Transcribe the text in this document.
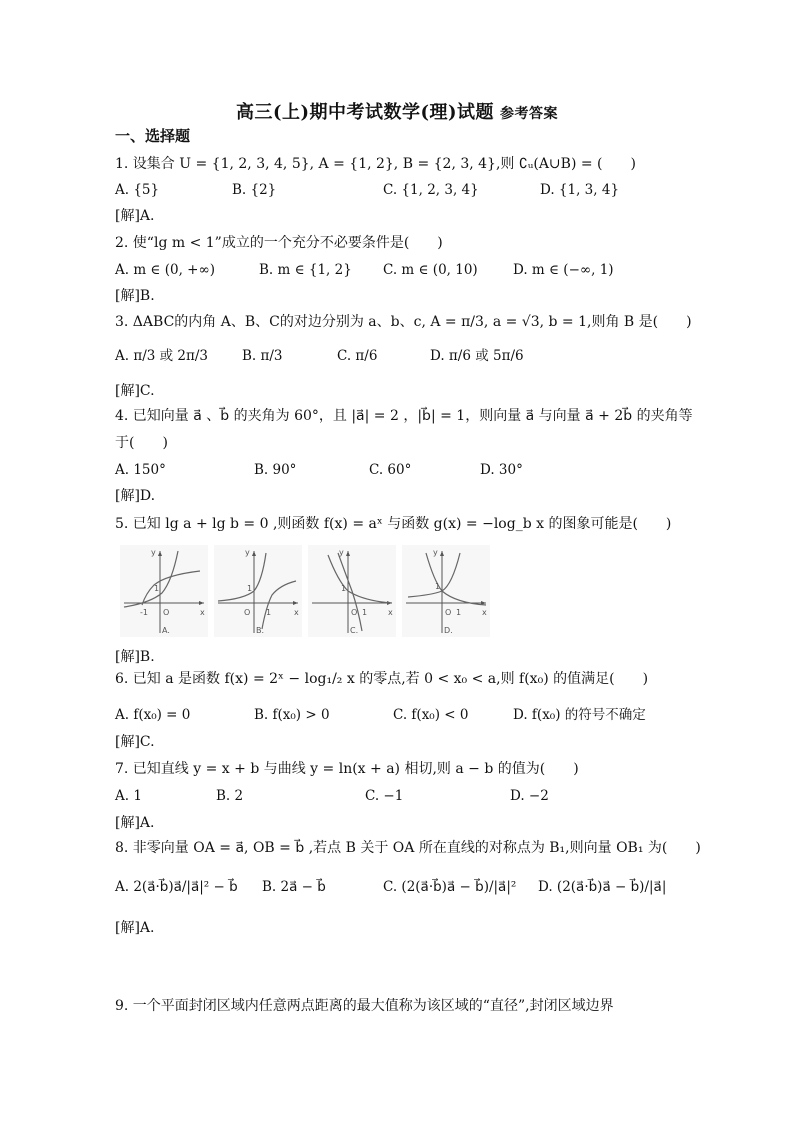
高三(上)期中考试数学(理)试题 参考答案
一、选择题
1. 设集合 U = {1, 2, 3, 4, 5}, A = {1, 2}, B = {2, 3, 4},则 ∁ᵤ(A∪B) = (　　)
A. {5}	B. {2}	C. {1, 2, 3, 4}	D. {1, 3, 4}
[解]A.
2. 使“lg m < 1”成立的一个充分不必要条件是(　　)
A. m ∈ (0, +∞)	B. m ∈ {1, 2} C. m ∈ (0, 10)	D. m ∈ (−∞, 1)
[解]B.
3. ΔABC的内角 A、B、C的对边分别为 a、b、c, A = π/3, a = √3, b = 1,则角 B 是(　　)
A. π/3 或 2π/3	B. π/3	C. π/6	D. π/6 或 5π/6
[解]C.
4. 已知向量 a⃗ 、b⃗ 的夹角为 60°，且 |a⃗| = 2 ，|b⃗| = 1，则向量 a⃗ 与向量 a⃗ + 2b⃗ 的夹角等
于(　　)
A. 150°	B. 90°	C. 60°	D. 30°
[解]D.
5. 已知 lg a + lg b = 0 ,则函数 f(x) = aˣ 与函数 g(x) = −log_b x 的图象可能是(　　)
O
-1
1
y
x
A.
O 1
1
y
x
B.
O 1
1
y
x
C.
O 1
1
y
x
D.
[解]B.
6. 已知 a 是函数 f(x) = 2ˣ − log₁/₂ x 的零点,若 0 < x₀ < a,则 f(x₀) 的值满足(　　)
A. f(x₀) = 0	B. f(x₀) > 0	C. f(x₀) < 0	D. f(x₀) 的符号不确定
[解]C.
7. 已知直线 y = x + b 与曲线 y = ln(x + a) 相切,则 a − b 的值为(　　)
A. 1	B. 2	C. −1	D. −2
[解]A.
8. 非零向量 OA = a⃗, OB = b⃗ ,若点 B 关于 OA 所在直线的对称点为 B₁,则向量 OB₁ 为(　　)
A. 2(a⃗·b⃗)a⃗/|a⃗|² − b⃗ B. 2a⃗ − b⃗	C. (2(a⃗·b⃗)a⃗ − b⃗)/|a⃗|² D. (2(a⃗·b⃗)a⃗ − b⃗)/|a⃗|
[解]A.
9. 一个平面封闭区域内任意两点距离的最大值称为该区域的“直径”,封闭区域边界
